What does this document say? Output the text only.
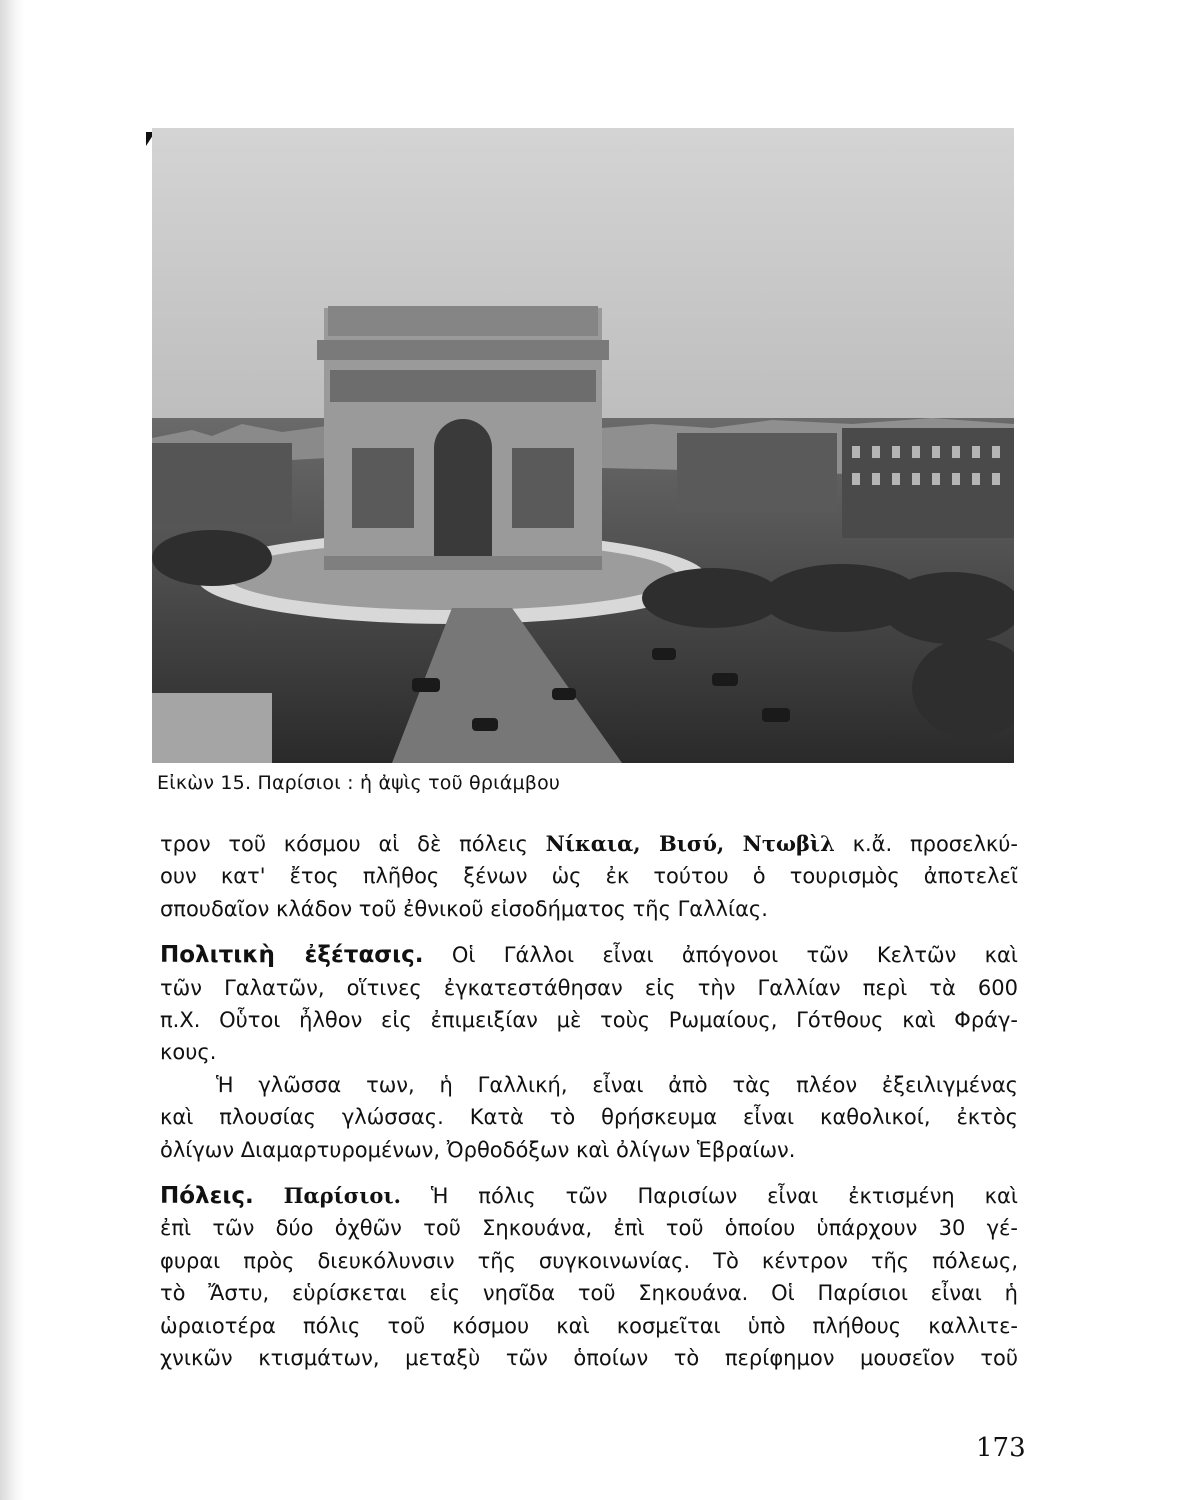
Εἰκὼν 15. Παρίσιοι : ἡ ἀψὶς τοῦ θριάμβου
τρον τοῦ κόσμου αἱ δὲ πόλεις Νίκαια, Βισύ, Ντωβὶλ κ.ἄ. προσελκύ-
ουν κατ' ἔτος πλῆθος ξένων ὡς ἐκ τούτου ὁ τουρισμὸς ἀποτελεῖ
σπουδαῖον κλάδον τοῦ ἐθνικοῦ εἰσοδήματος τῆς Γαλλίας.
Πολιτικὴ ἐξέτασις. Οἱ Γάλλοι εἶναι ἀπόγονοι τῶν Κελτῶν καὶ
τῶν Γαλατῶν, οἵτινες ἐγκατεστάθησαν εἰς τὴν Γαλλίαν περὶ τὰ 600
π.Χ. Οὗτοι ἦλθον εἰς ἐπιμειξίαν μὲ τοὺς Ρωμαίους, Γότθους καὶ Φράγ-
κους.
Ἡ γλῶσσα των, ἡ Γαλλική, εἶναι ἀπὸ τὰς πλέον ἐξειλιγμένας
καὶ πλουσίας γλώσσας. Κατὰ τὸ θρήσκευμα εἶναι καθολικοί, ἐκτὸς
ὀλίγων Διαμαρτυρομένων, Ὀρθοδόξων καὶ ὀλίγων Ἑβραίων.
Πόλεις. Παρίσιοι. Ἡ πόλις τῶν Παρισίων εἶναι ἐκτισμένη καὶ
ἐπὶ τῶν δύο ὀχθῶν τοῦ Σηκουάνα, ἐπὶ τοῦ ὁποίου ὑπάρχουν 30 γέ-
φυραι πρὸς διευκόλυνσιν τῆς συγκοινωνίας. Τὸ κέντρον τῆς πόλεως,
τὸ Ἄστυ, εὑρίσκεται εἰς νησῖδα τοῦ Σηκουάνα. Οἱ Παρίσιοι εἶναι ἡ
ὡραιοτέρα πόλις τοῦ κόσμου καὶ κοσμεῖται ὑπὸ πλήθους καλλιτε-
χνικῶν κτισμάτων, μεταξὺ τῶν ὁποίων τὸ περίφημον μουσεῖον τοῦ
173
